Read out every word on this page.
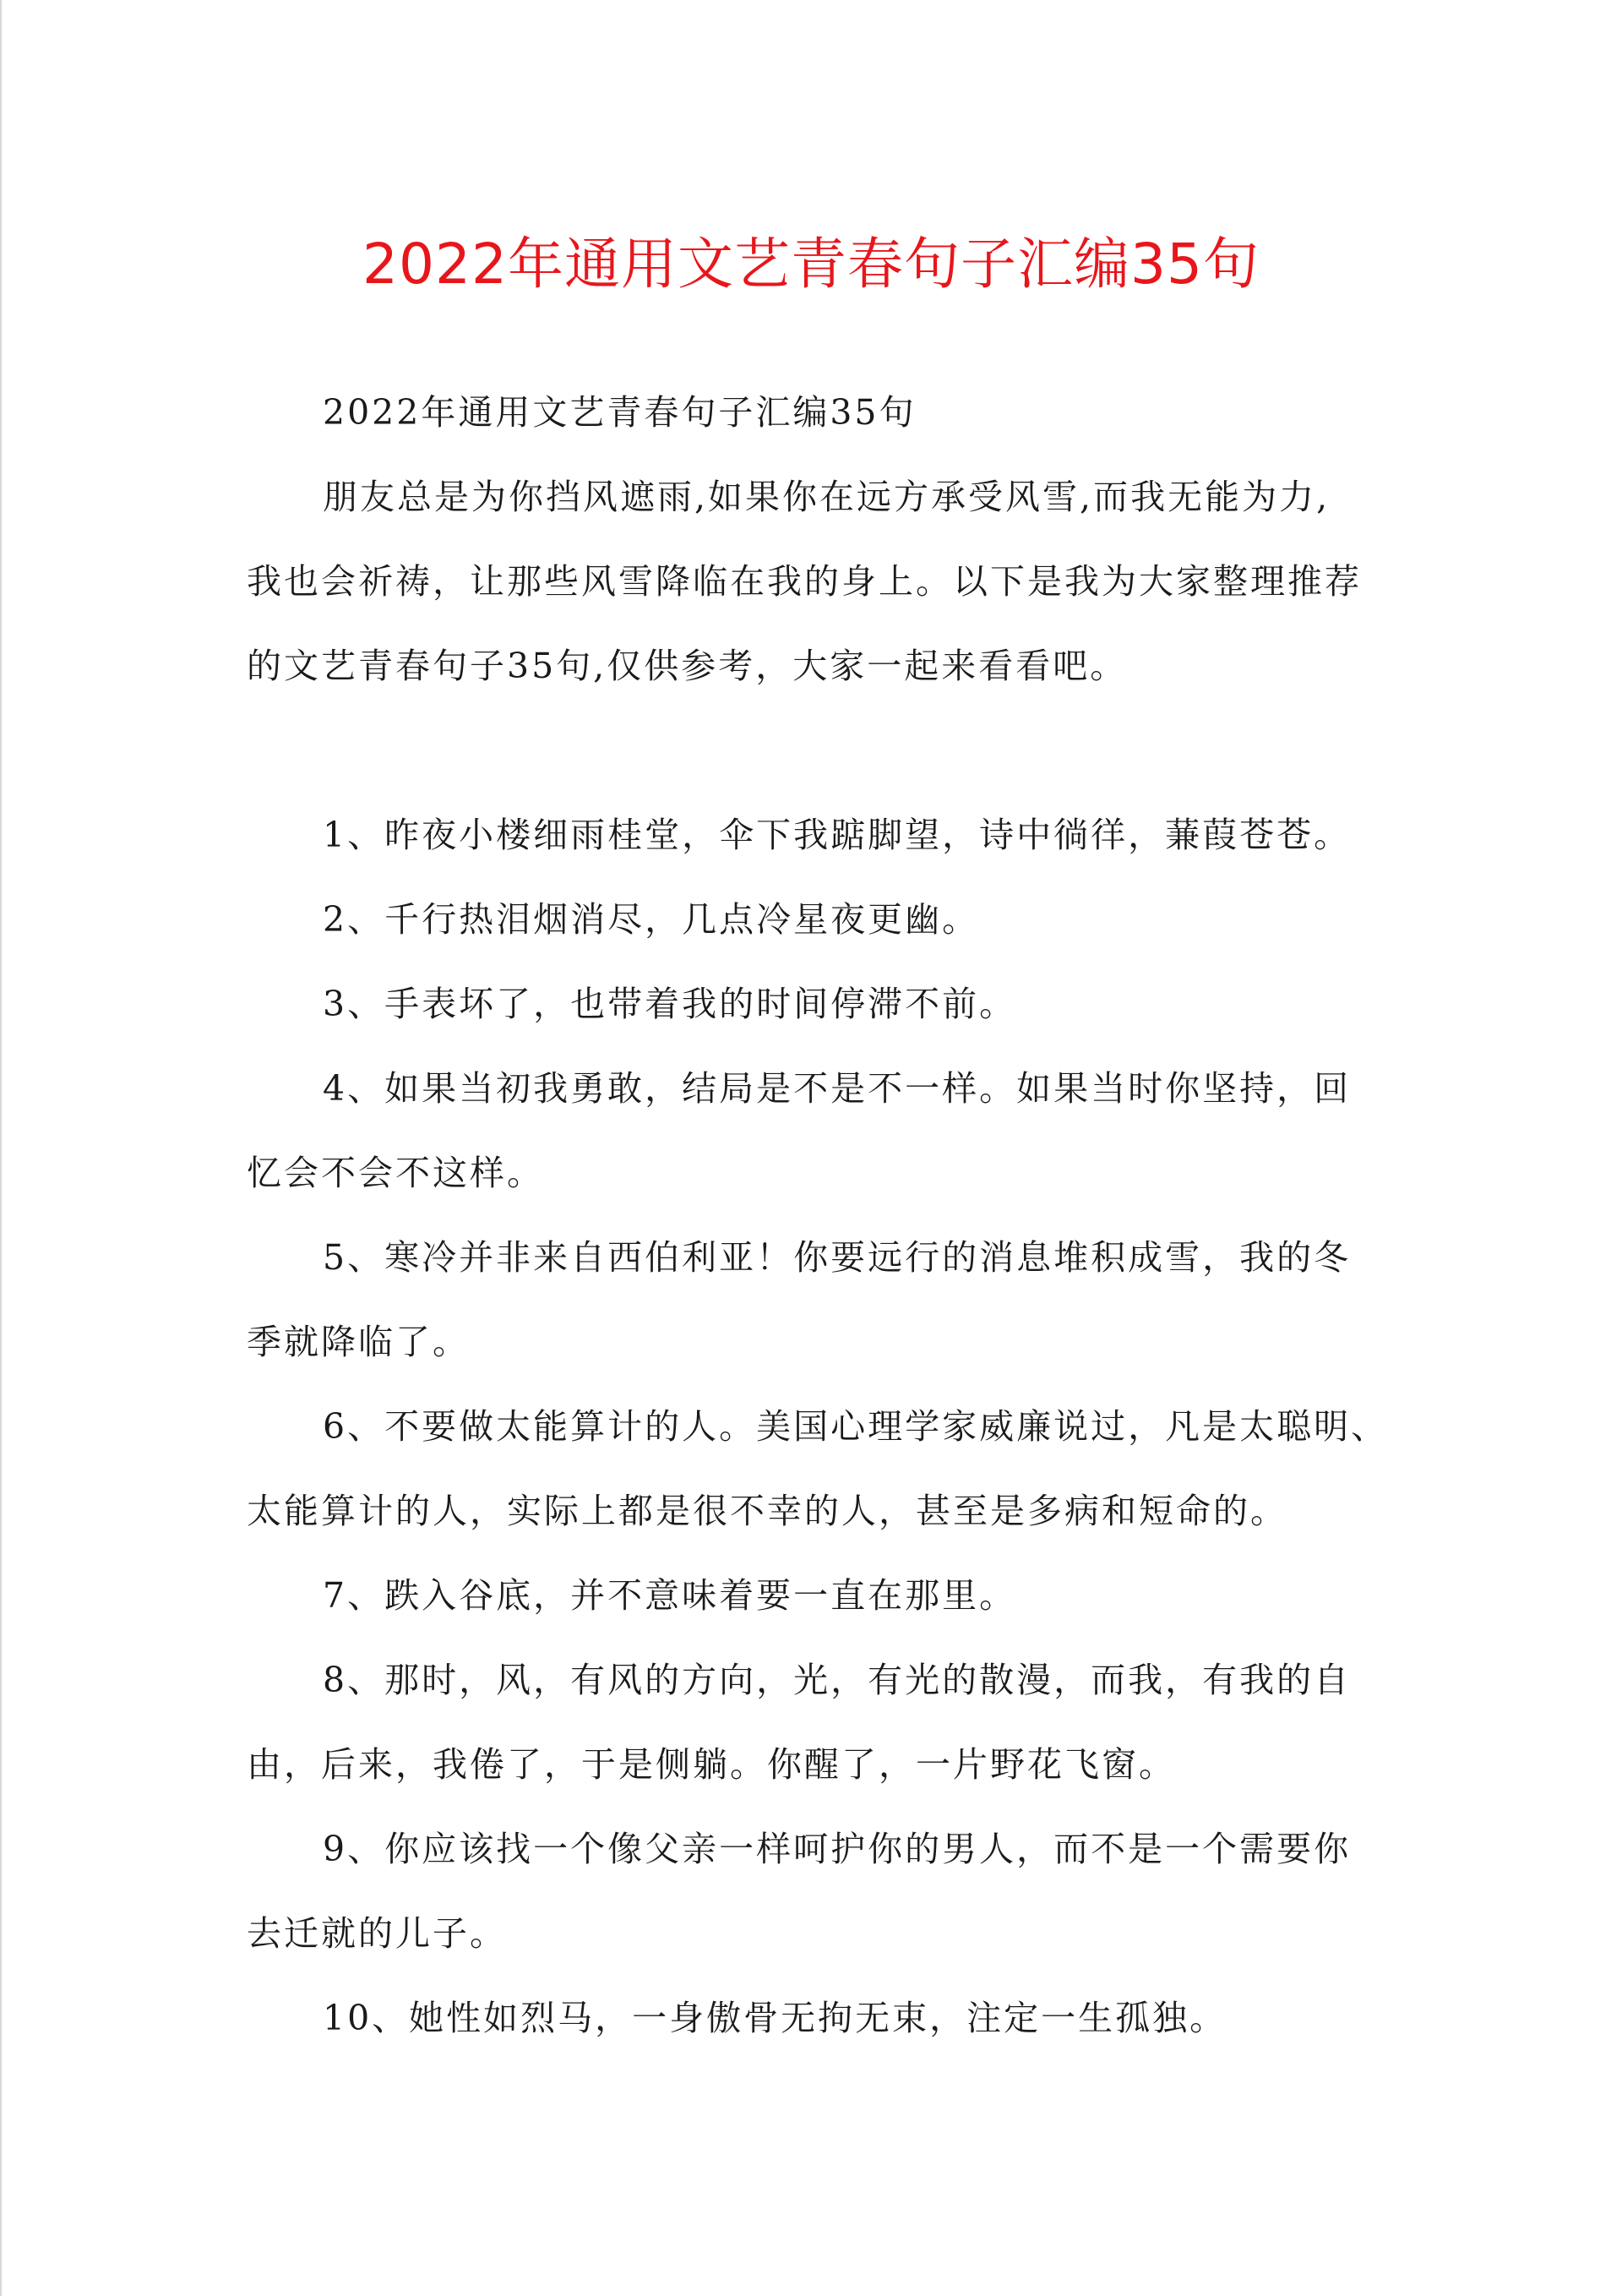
2022年通用文艺青春句子汇编35句

2022年通用文艺青春句子汇编35句

朋友总是为你挡风遮雨,如果你在远方承受风雪,而我无能为力,

我也会祈祷，让那些风雪降临在我的身上。以下是我为大家整理推荐

的文艺青春句子35句,仅供参考，大家一起来看看吧。

1、昨夜小楼细雨桂堂，伞下我踮脚望，诗中徜徉，蒹葭苍苍。

2、千行热泪烟消尽，几点冷星夜更幽。

3、手表坏了，也带着我的时间停滞不前。

4、如果当初我勇敢，结局是不是不一样。如果当时你坚持，回

忆会不会不这样。

5、寒冷并非来自西伯利亚！你要远行的消息堆积成雪，我的冬

季就降临了。

6、不要做太能算计的人。美国心理学家威廉说过，凡是太聪明、

太能算计的人，实际上都是很不幸的人，甚至是多病和短命的。

7、跌入谷底，并不意味着要一直在那里。

8、那时，风，有风的方向，光，有光的散漫，而我，有我的自

由，后来，我倦了，于是侧躺。你醒了，一片野花飞窗。

9、你应该找一个像父亲一样呵护你的男人，而不是一个需要你

去迁就的儿子。

10、她性如烈马，一身傲骨无拘无束，注定一生孤独。
